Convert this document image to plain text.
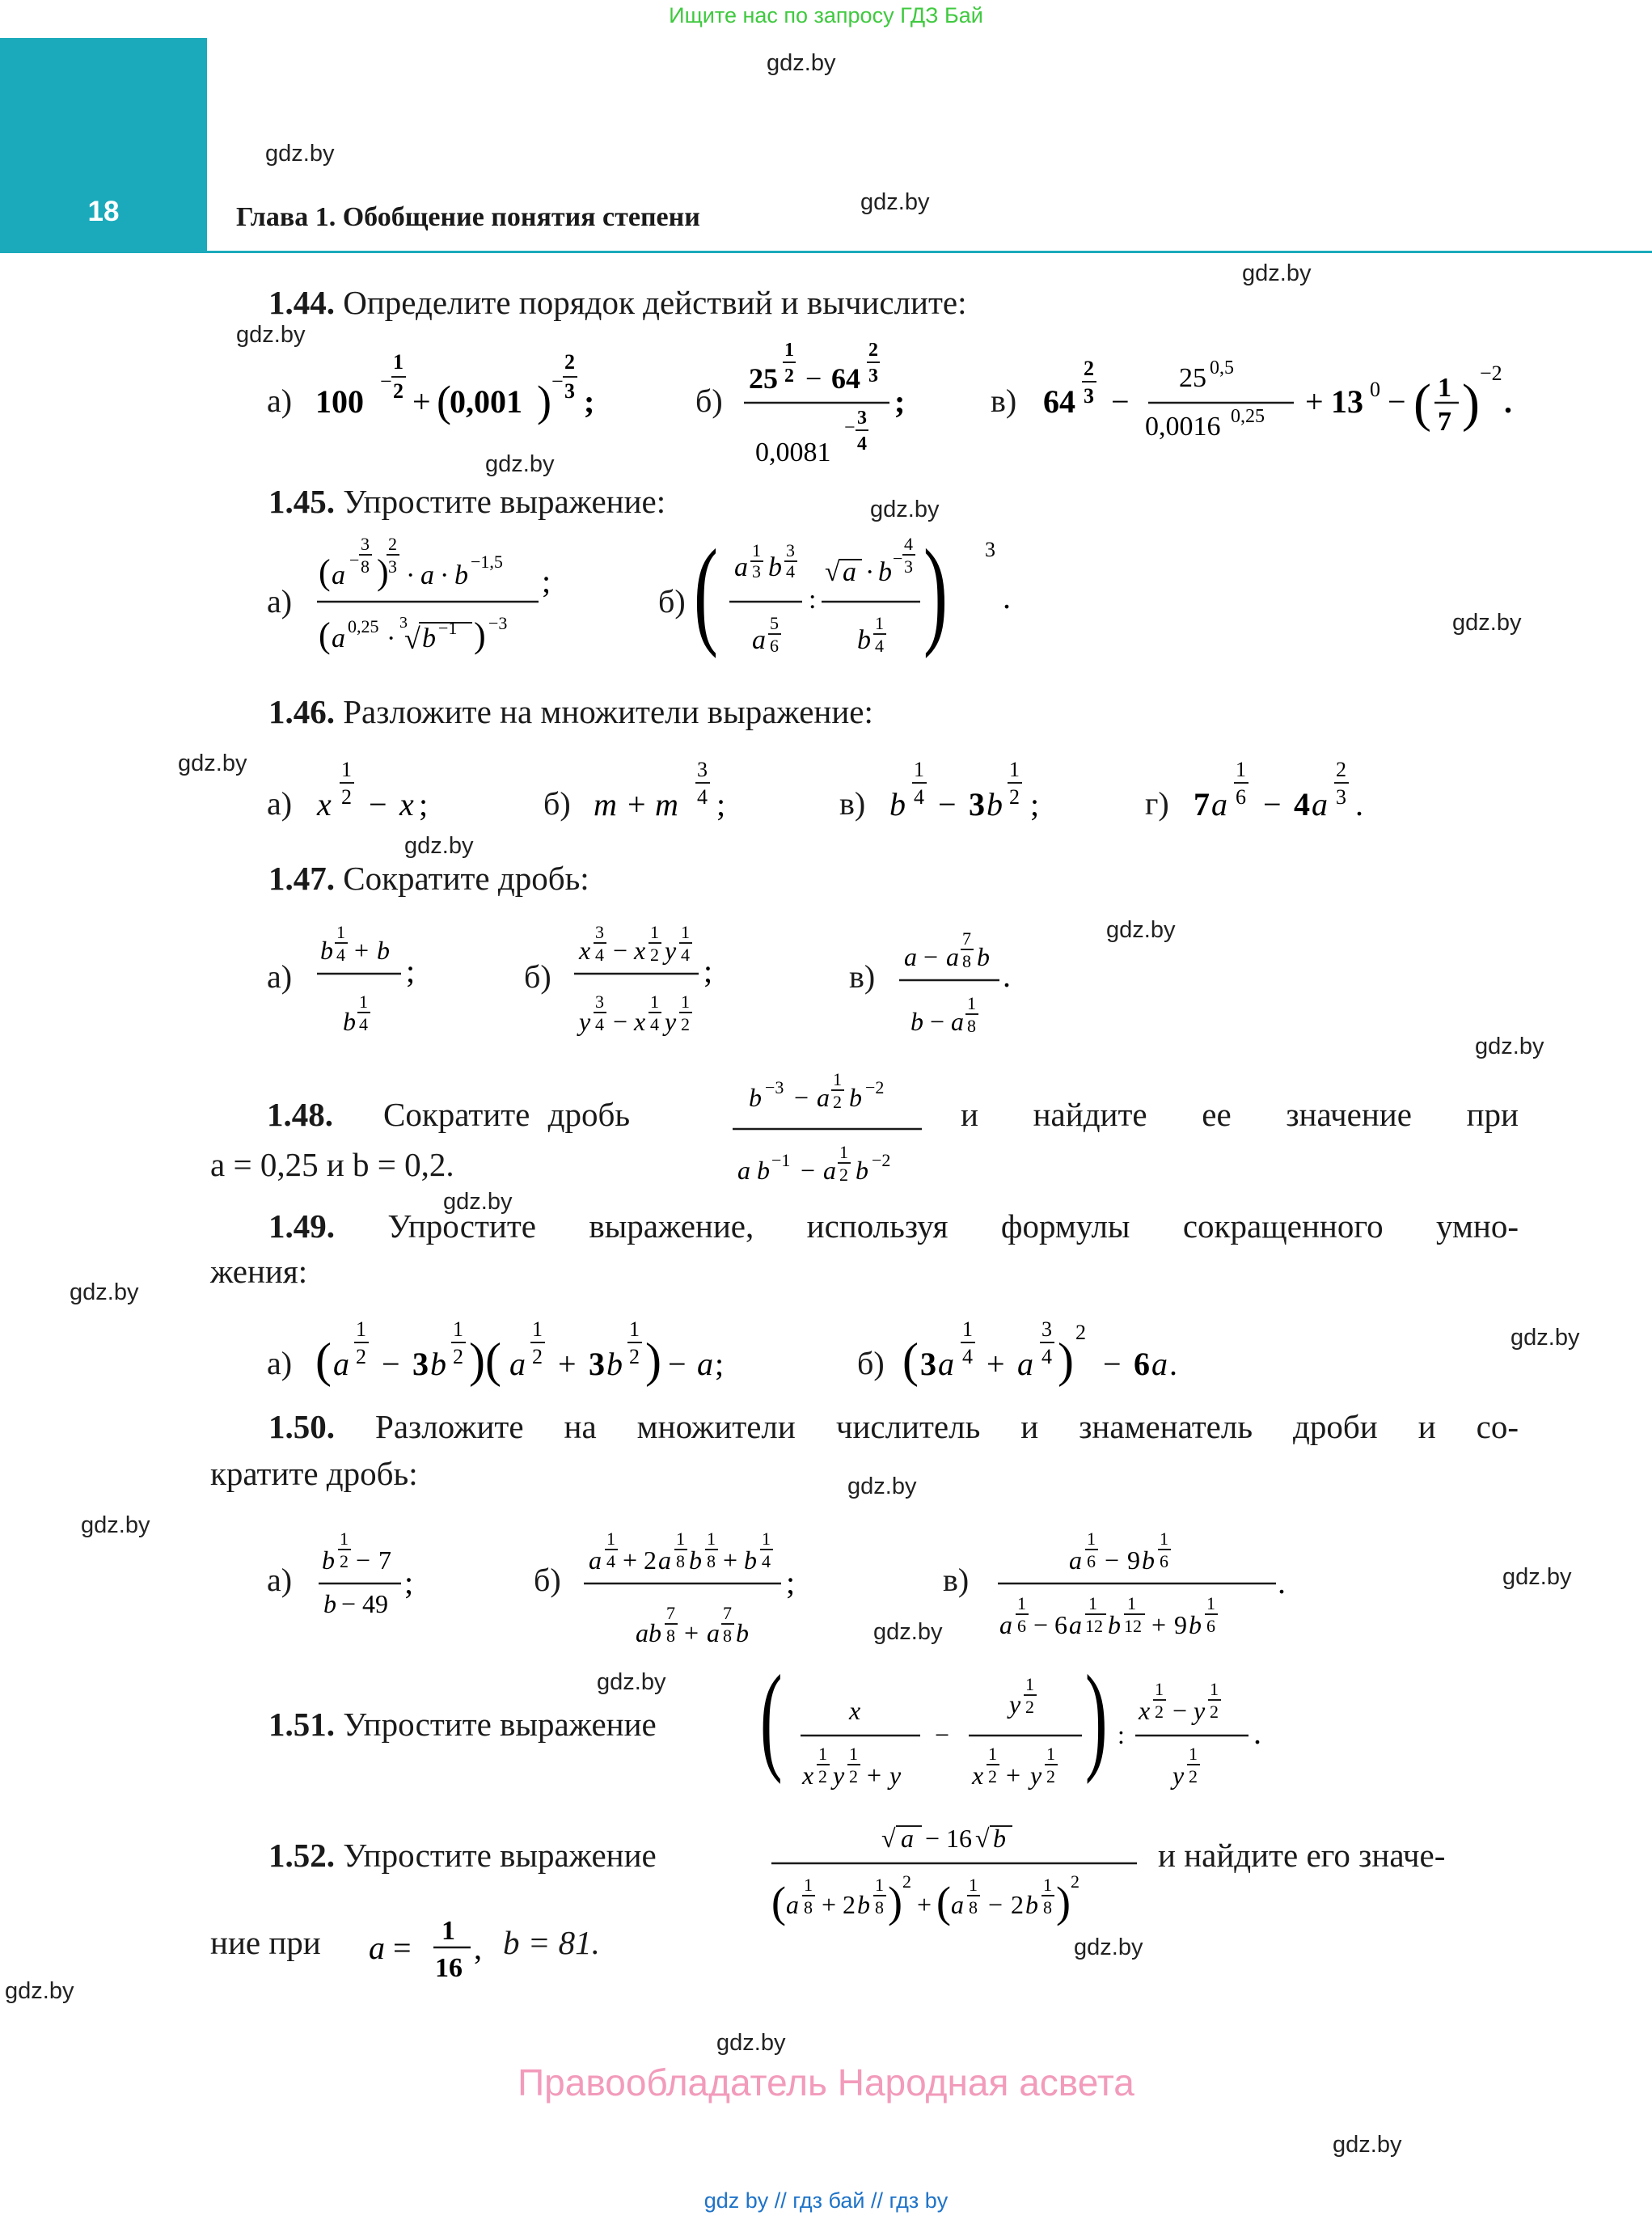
Ищите нас по запросу ГДЗ Бай
18	Глава 1. Обобщение понятия степени
gdz.by
gdz.by
gdz.by
gdz.by
gdz.by
gdz.by
gdz.by
gdz.by
gdz.by
gdz.by
gdz.by
gdz.by
gdz.by
gdz.by
gdz.by
gdz.by
gdz.by
gdz.by
gdz.by
gdz.by
gdz.by
gdz.by
gdz.by
gdz.by
1.44. Определите порядок действий и вычислите:
а)	б)	в)
100
−
1
2 + (
0,001 ) −
2
3 ;
25
1
2 − 64
2
3
0,0081
− 3
4
;	64
2
3 −
25 0,5
0,0016 0,25 + 13 0 − ( 1
7 )
−2
.
1.45. Упростите выражение:
а)	б)
( a
−
3
8 )
2
3 · a · b −1,5
( a 0,25 ·
3
√ b −1 ) −3
; ( a
1
3 b
3
4
a
5
6
:
√ a · b −
4
3
b
1
4 ) 3
.
1.46. Разложите на множители выражение:
а)	б)	в)	г)
x
1
2 − x ;	m + m
3
4 ;	b
1
4 − 3 b
1
2 ;	7 a
1
6 − 4 a
2
3 .
1.47. Сократите дробь:
а)	б)	в)
b
1
4 + b
b
1
4
;
x
3
4 − x
1
2 y
1
4
y
3
4 − x
1
4 y
1
2
;	a − a
7
8 b
b − a
1
8
.
1.48. Сократите дробь	и найдите ее значение при
b −3 − a
1
2 b −2
a b −1 − a
1
2 b −2
a = 0,25 и b = 0,2.
1.49. Упростите выражение, используя формулы сокращенного умно-
жения:
а)	б)
( a
1
2 − 3 b
1
2 )( a
1
2 + 3 b
1
2 ) − a ;	( 3 a
1
4 + a
3
4 )
2
− 6 a .
1.50. Разложите на множители числитель и знаменатель дроби и со-
кратите дробь:
а)	б)	в)
b
1
2 − 7
b − 49
;
a
1
4 + 2 a
1
8 b
1
8 + b
1
4
ab
7
8 + a
7
8 b
;
a
1
6 − 9 b
1
6
a
1
6 − 6 a
1
12 b
1
12 + 9 b
1
6
.
1.51. Упростите выражение (	x
x
1
2 y
1
2 + y
−
y
1
2
x
1
2 + y
1
2 ) :
x
1
2 − y
1
2
y
1
2
.
1.52. Упростите выражение	и найдите его значе-
√ a − 16 √ b
( a
1
8 + 2 b
1
8 ) 2
+ ( a
1
8 − 2 b
1
8 ) 2
ние при	b = 81.
a = 1
16
,
Правообладатель Народная асвета
gdz by // гдз бай // гдз by
